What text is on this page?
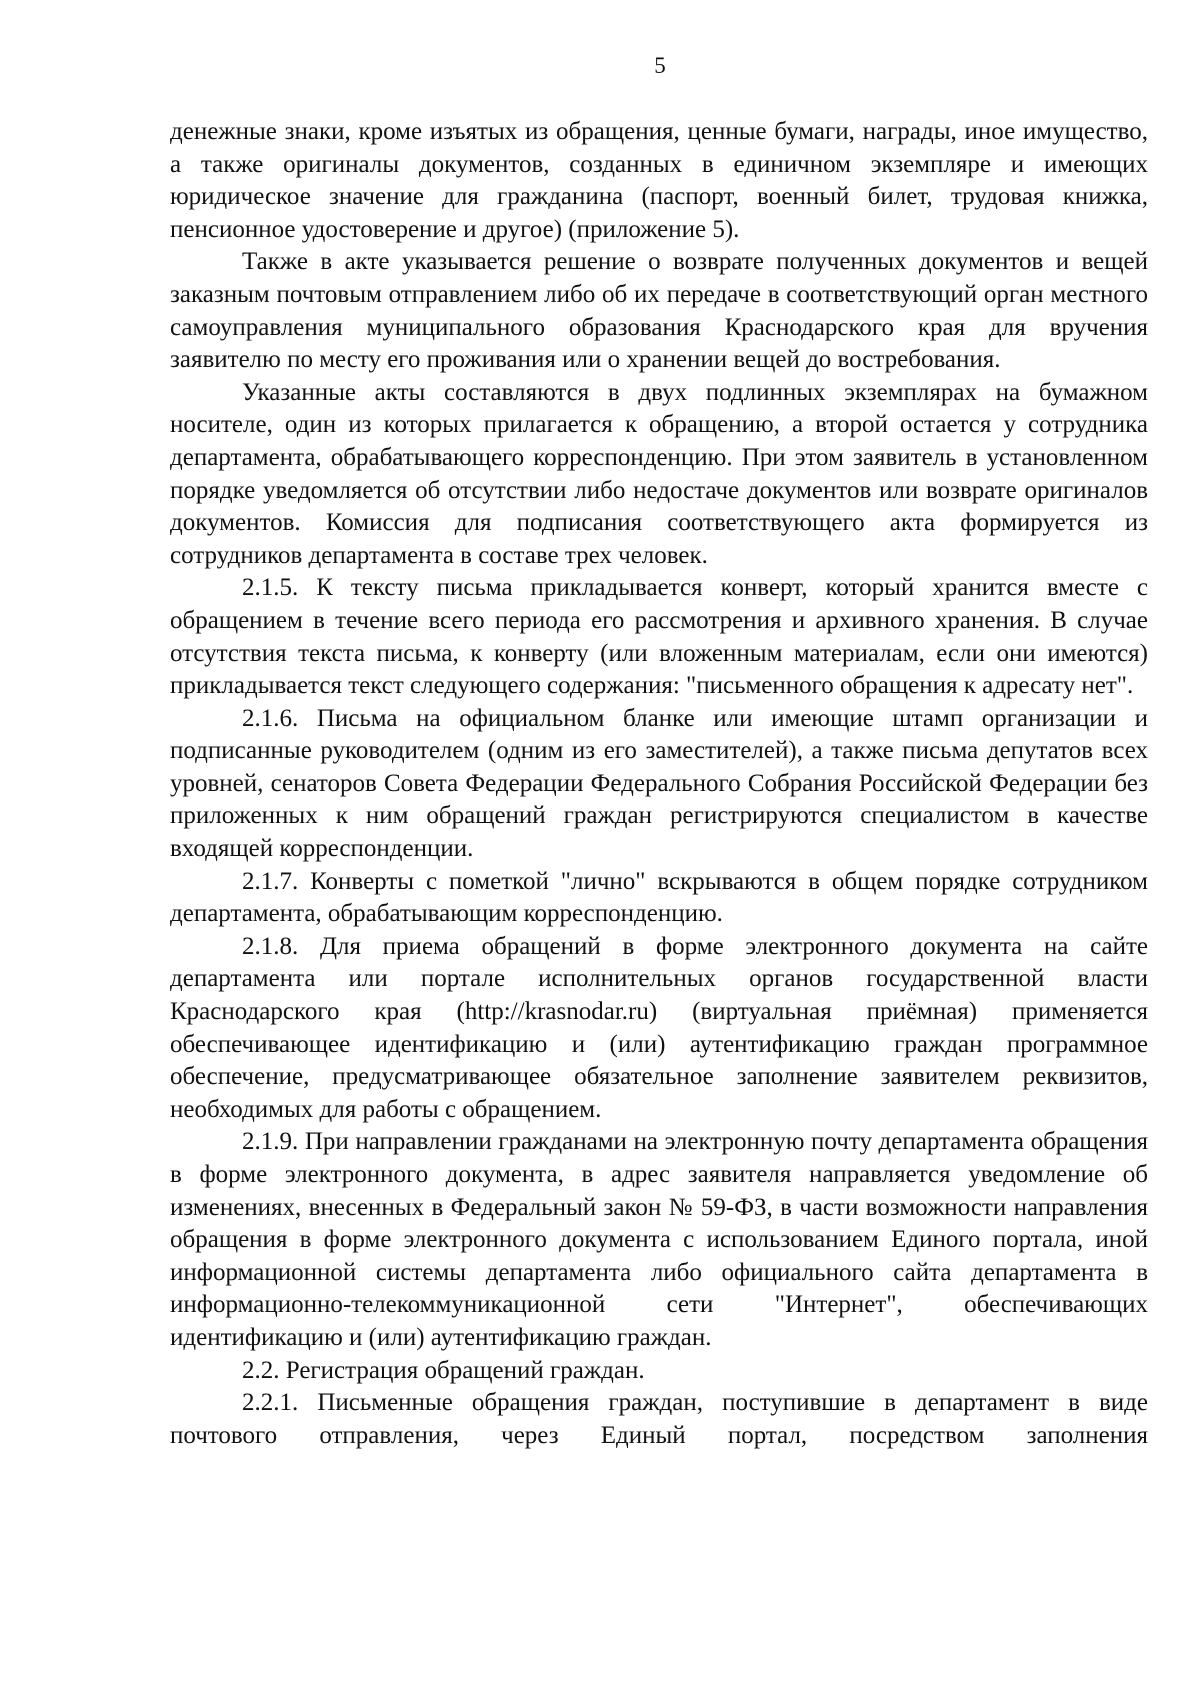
5

денежные знаки, кроме изъятых из обращения, ценные бумаги, награды, иное имущество, а также оригиналы документов, созданных в единичном экземпляре и имеющих юридическое значение для гражданина (паспорт, военный билет, трудовая книжка, пенсионное удостоверение и другое) (приложение 5).

Также в акте указывается решение о возврате полученных документов и вещей заказным почтовым отправлением либо об их передаче в соответствующий орган местного самоуправления муниципального образования Краснодарского края для вручения заявителю по месту его проживания или о хранении вещей до востребования.

Указанные акты составляются в двух подлинных экземплярах на бумажном носителе, один из которых прилагается к обращению, а второй остается у сотрудника департамента, обрабатывающего корреспонденцию. При этом заявитель в установленном порядке уведомляется об отсутствии либо недостаче документов или возврате оригиналов документов. Комиссия для подписания соответствующего акта формируется из сотрудников департамента в составе трех человек.

2.1.5. К тексту письма прикладывается конверт, который хранится вместе с обращением в течение всего периода его рассмотрения и архивного хранения. В случае отсутствия текста письма, к конверту (или вложенным материалам, если они имеются) прикладывается текст следующего содержания: "письменного обращения к адресату нет".

2.1.6. Письма на официальном бланке или имеющие штамп организации и подписанные руководителем (одним из его заместителей), а также письма депутатов всех уровней, сенаторов Совета Федерации Федерального Собрания Российской Федерации без приложенных к ним обращений граждан регистрируются специалистом в качестве входящей корреспонденции.

2.1.7. Конверты с пометкой "лично" вскрываются в общем порядке сотрудником департамента, обрабатывающим корреспонденцию.

2.1.8. Для приема обращений в форме электронного документа на сайте департамента или портале исполнительных органов государственной власти Краснодарского края (http://krasnodar.ru) (виртуальная приёмная) применяется обеспечивающее идентификацию и (или) аутентификацию граждан программное обеспечение, предусматривающее обязательное заполнение заявителем реквизитов, необходимых для работы с обращением.

2.1.9. При направлении гражданами на электронную почту департамента обращения в форме электронного документа, в адрес заявителя направляется уведомление об изменениях, внесенных в Федеральный закон № 59-ФЗ, в части возможности направления обращения в форме электронного документа с использованием Единого портала, иной информационной системы департамента либо официального сайта департамента в информационно-телекоммуникационной сети "Интернет", обеспечивающих идентификацию и (или) аутентификацию граждан.

2.2. Регистрация обращений граждан.

2.2.1. Письменные обращения граждан, поступившие в департамент в виде почтового отправления, через Единый портал, посредством заполнения
